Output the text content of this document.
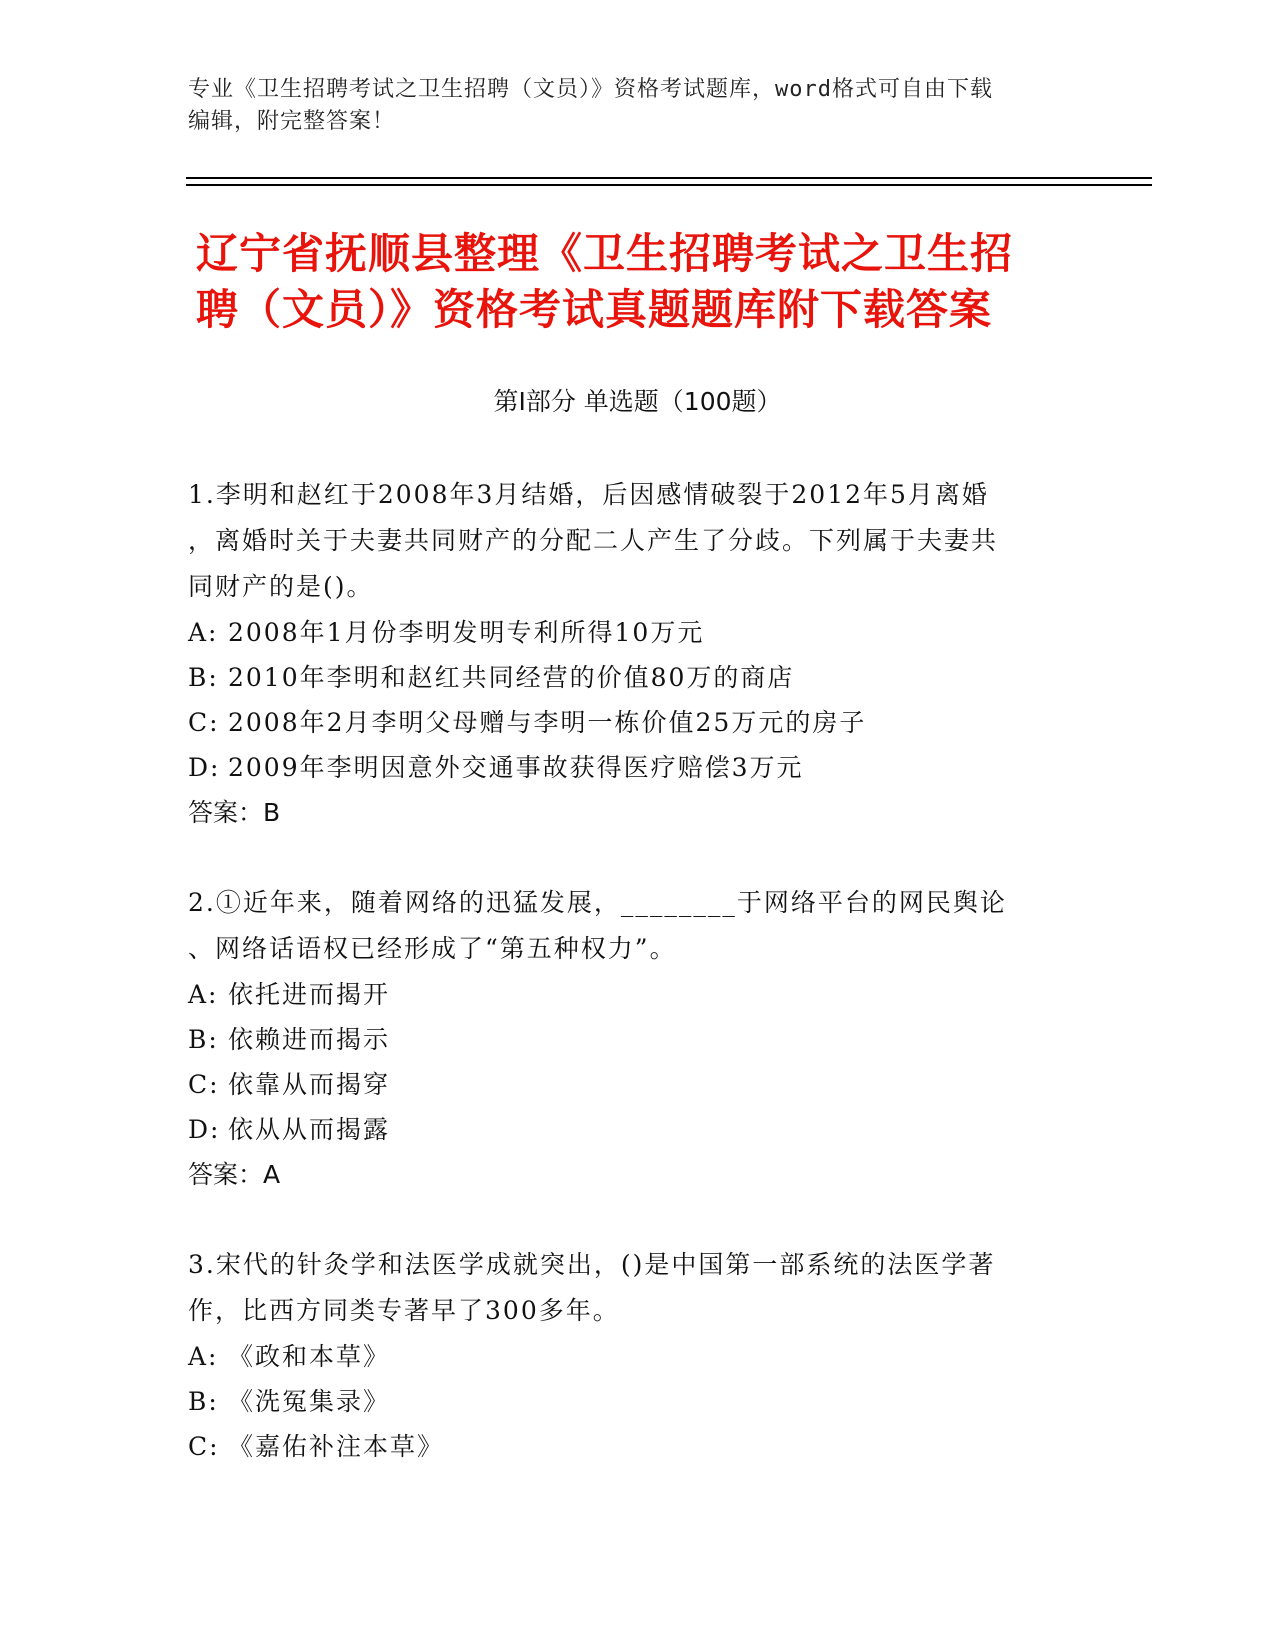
专业《卫生招聘考试之卫生招聘（文员）》资格考试题库，word格式可自由下载
编辑，附完整答案！
辽宁省抚顺县整理《卫生招聘考试之卫生招
聘（文员）》资格考试真题题库附下载答案
第Ⅰ部分 单选题（100题）
1.李明和赵红于2008年3月结婚，后因感情破裂于2012年5月离婚
，离婚时关于夫妻共同财产的分配二人产生了分歧。下列属于夫妻共
同财产的是()。
A: 2008年1月份李明发明专利所得10万元
B: 2010年李明和赵红共同经营的价值80万的商店
C: 2008年2月李明父母赠与李明一栋价值25万元的房子
D: 2009年李明因意外交通事故获得医疗赔偿3万元
答案：B
2.①近年来，随着网络的迅猛发展，________于网络平台的网民舆论
、网络话语权已经形成了“第五种权力”。
A: 依托进而揭开
B: 依赖进而揭示
C: 依靠从而揭穿
D: 依从从而揭露
答案：A
3.宋代的针灸学和法医学成就突出，()是中国第一部系统的法医学著
作，比西方同类专著早了300多年。
A: 《政和本草》
B: 《洗冤集录》
C: 《嘉佑补注本草》
